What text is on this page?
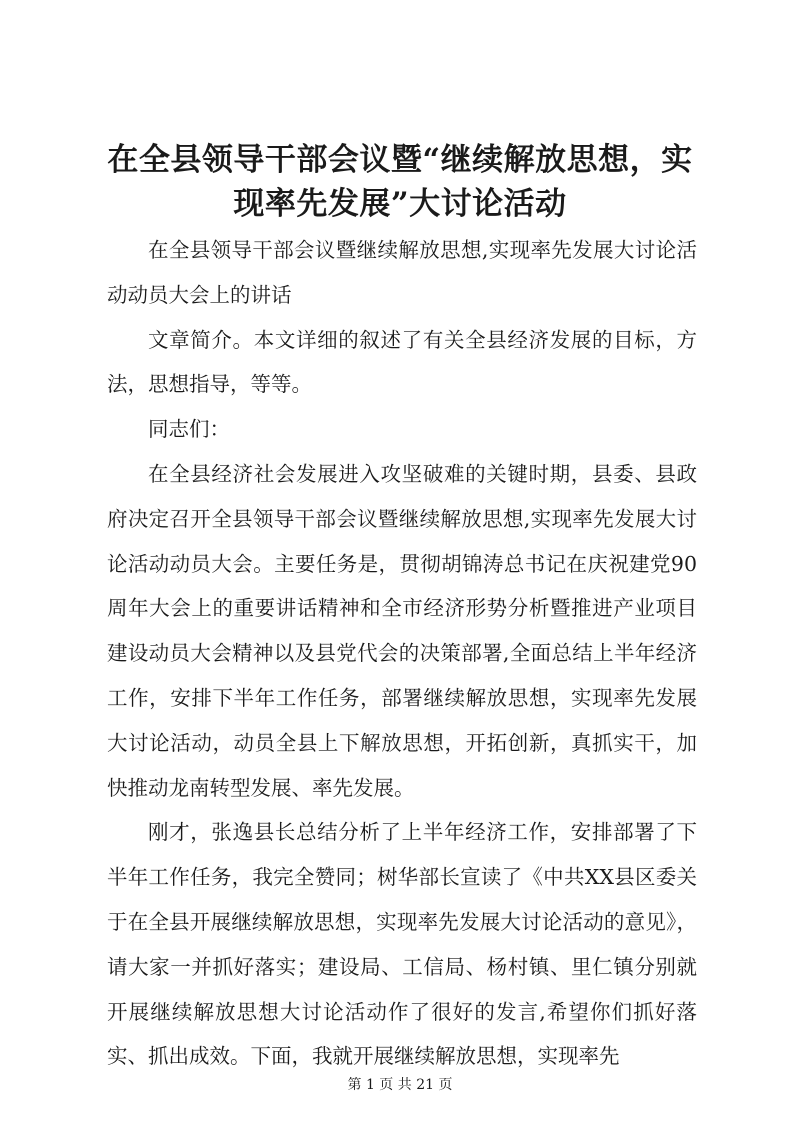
在全县领导干部会议暨“继续解放思想，实现率先发展”大讨论活动

在全县领导干部会议暨继续解放思想,实现率先发展大讨论活动动员大会上的讲话

文章简介。本文详细的叙述了有关全县经济发展的目标，方法，思想指导，等等。

同志们：

在全县经济社会发展进入攻坚破难的关键时期，县委、县政府决定召开全县领导干部会议暨继续解放思想,实现率先发展大讨论活动动员大会。主要任务是，贯彻胡锦涛总书记在庆祝建党90周年大会上的重要讲话精神和全市经济形势分析暨推进产业项目建设动员大会精神以及县党代会的决策部署,全面总结上半年经济工作，安排下半年工作任务，部署继续解放思想，实现率先发展大讨论活动，动员全县上下解放思想，开拓创新，真抓实干，加快推动龙南转型发展、率先发展。

刚才，张逸县长总结分析了上半年经济工作，安排部署了下半年工作任务，我完全赞同；树华部长宣读了《中共XX县区委关于在全县开展继续解放思想，实现率先发展大讨论活动的意见》，请大家一并抓好落实；建设局、工信局、杨村镇、里仁镇分别就开展继续解放思想大讨论活动作了很好的发言,希望你们抓好落实、抓出成效。下面，我就开展继续解放思想，实现率先

第 1 页 共 21 页
